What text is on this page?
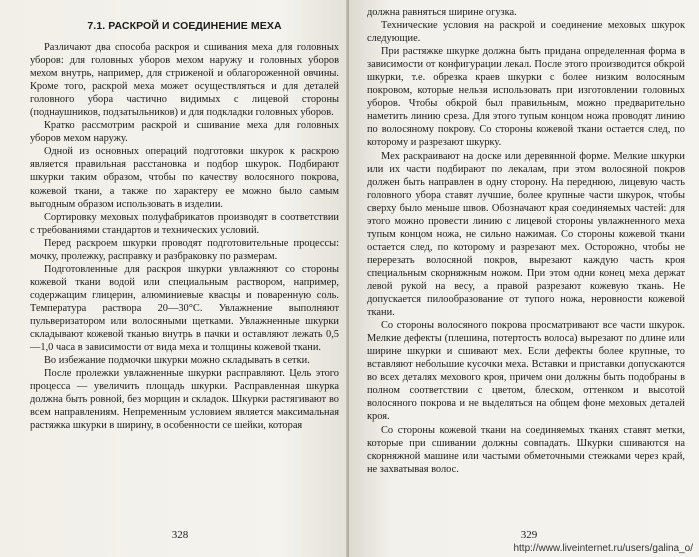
7.1. РАСКРОЙ И СОЕДИНЕНИЕ МЕХА

Различают два способа раскроя и сшивания меха для головных уборов: для головных уборов мехом наружу и головных уборов мехом внутрь, например, для стриженой и облагороженной овчины. Кроме того, раскрой меха может осуществляться и для деталей головного убора частично видимых с лицевой стороны (поднаушников, подзатыльников) и для подкладки головных уборов.

Кратко рассмотрим раскрой и сшивание меха для головных уборов мехом наружу.

Одной из основных операций подготовки шкурок к раскрою является правильная расстановка и подбор шкурок. Подбирают шкурки таким образом, чтобы по качеству волосяного покрова, кожевой ткани, а также по характеру ее можно было самым выгодным образом использовать в изделии.

Сортировку меховых полуфабрикатов производят в соответствии с требованиями стандартов и технических условий.

Перед раскроем шкурки проводят подготовительные процессы: мочку, пролежку, расправку и разбраковку по размерам.

Подготовленные для раскроя шкурки увлажняют со стороны кожевой ткани водой или специальным раствором, например, содержащим глицерин, алюминиевые квасцы и поваренную соль. Температура раствора 20—30°С. Увлажнение выполняют пульверизатором или волосяными щетками. Увлажненные шкурки складывают кожевой тканью внутрь в пачки и оставляют лежать 0,5—1,0 часа в зависимости от вида меха и толщины кожевой ткани.

Во избежание подмочки шкурки можно складывать в сетки.

После пролежки увлажненные шкурки расправляют. Цель этого процесса — увеличить площадь шкурки. Расправленная шкурка должна быть ровной, без морщин и складок. Шкурки растягивают во всем направлениям. Непременным условием является максимальная растяжка шкурки в ширину, в особенности се шейки, которая

328

должна равняться ширине огузка.

Технические условия на раскрой и соединение меховых шкурок следующие.

При растяжке шкурке должна быть придана определенная форма в зависимости от конфигурации лекал. После этого производится обкрой шкурки, т.е. обрезка краев шкурки с более низким волосяным покровом, которые нельзя использовать при изготовлении головных уборов. Чтобы обкрой был правильным, можно предварительно наметить линию среза. Для этого тупым концом ножа проводят линию по волосяному покрову. Со стороны кожевой ткани остается след, по которому и разрезают шкурку.

Мех раскраивают на доске или деревянной форме. Мелкие шкурки или их части подбирают по лекалам, при этом волосяной покров должен быть направлен в одну сторону. На переднюю, лицевую часть головного убора ставят лучшие, более крупные части шкурок, чтобы сверху было меньше швов. Обозначают края соединяемых частей: для этого можно провести линию с лицевой стороны увлажненного меха тупым концом ножа, не сильно нажимая. Со стороны кожевой ткани остается след, по которому и разрезают мех. Осторожно, чтобы не перерезать волосяной покров, вырезают каждую часть кроя специальным скорняжным ножом. При этом одни конец меха держат левой рукой на весу, а правой разрезают кожевую ткань. Не допускается пилообразование от тупого ножа, неровности кожевой ткани.

Со стороны волосяного покрова просматривают все части шкурок. Мелкие дефекты (плешина, потертость волоса) вырезают по длине или ширине шкурки и сшивают мех. Если дефекты более крупные, то вставляют небольшие кусочки меха. Вставки и приставки допускаются во всех деталях мехового кроя, причем они должны быть подобраны в полном соответствии с цветом, блеском, оттенком и высотой волосяного покрова и не выделяться на общем фоне меховых деталей кроя.

Со стороны кожевой ткани на соединяемых тканях ставят метки, которые при сшивании должны совпадать. Шкурки сшиваются на скорняжной машине или частыми обметочными стежками через край, не захватывая волос.

329
http://www.liveinternet.ru/users/galina_o/
